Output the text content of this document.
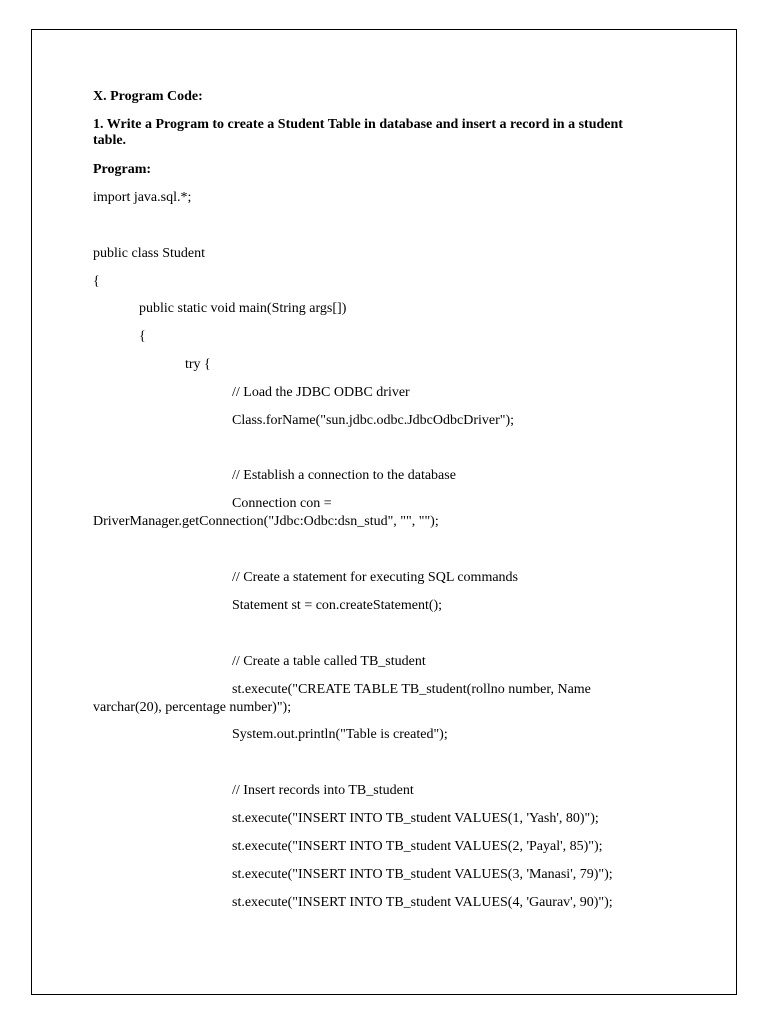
X. Program Code:
1. Write a Program to create a Student Table in database and insert a record in a student table.
Program:
import java.sql.*;
public class Student
{
public static void main(String args[])
{
try {
// Load the JDBC ODBC driver
Class.forName("sun.jdbc.odbc.JdbcOdbcDriver");
// Establish a connection to the database
Connection con =
DriverManager.getConnection("Jdbc:Odbc:dsn_stud", "", "");
// Create a statement for executing SQL commands
Statement st = con.createStatement();
// Create a table called TB_student
st.execute("CREATE TABLE TB_student(rollno number, Name
varchar(20), percentage number)");
System.out.println("Table is created");
// Insert records into TB_student
st.execute("INSERT INTO TB_student VALUES(1, 'Yash', 80)");
st.execute("INSERT INTO TB_student VALUES(2, 'Payal', 85)");
st.execute("INSERT INTO TB_student VALUES(3, 'Manasi', 79)");
st.execute("INSERT INTO TB_student VALUES(4, 'Gaurav', 90)");
